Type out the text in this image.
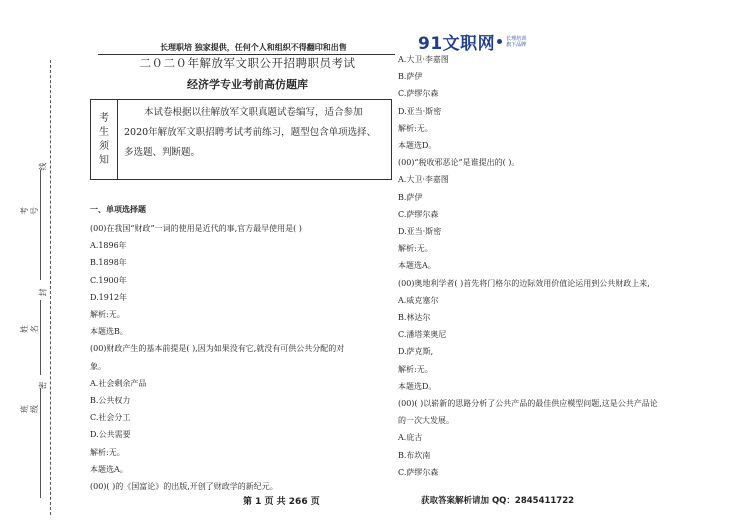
长理职培 独家提供，任何个人和组织不得翻印和出售	91文职网 长理培训
旗下品牌
二０二０年解放军文职公开招聘职员考试
经济学专业考前高仿题库
考生须知
本试卷根据以往解放军文职真题试卷编写，适合参加2020年解放军文职招聘考试考前练习，题型包含单项选择、多选题、判断题。
线
封
密
考号
姓名
班级
一、单项选择题

(00)在我国“财政”一词的使用是近代的事,官方最早使用是( )

A.1896年

B.1898年

C.1900年

D.1912年

解析:无。

本题选B。

(00)财政产生的基本前提是( ),因为如果没有它,就没有可供公共分配的对

象。

A.社会剩余产品

B.公共权力

C.社会分工

D.公共需要

解析:无。

本题选A。

(00)( )的《国富论》的出版,开创了财政学的新纪元。

A.大卫·李嘉图

B.萨伊

C.萨缪尔森

D.亚当·斯密

解析:无。

本题选D。

(00)“税收邪恶论”是谁提出的( )。

A.大卫·李嘉图

B.萨伊

C.萨缪尔森

D.亚当·斯密

解析:无。

本题选A。

(00)奥地利学者( )首先将门格尔的边际效用价值论运用到公共财政上来,

A.威克塞尔

B.林达尔

C.潘塔莱奥尼

D.萨克斯,

解析:无。

本题选D。

(00)( )以崭新的思路分析了公共产品的最佳供应模型问题,这是公共产品论

的一次大发展。

A.庇古

B.布坎南

C.萨缪尔森

第 1 页 共 266 页	获取答案解析请加 QQ：2845411722
